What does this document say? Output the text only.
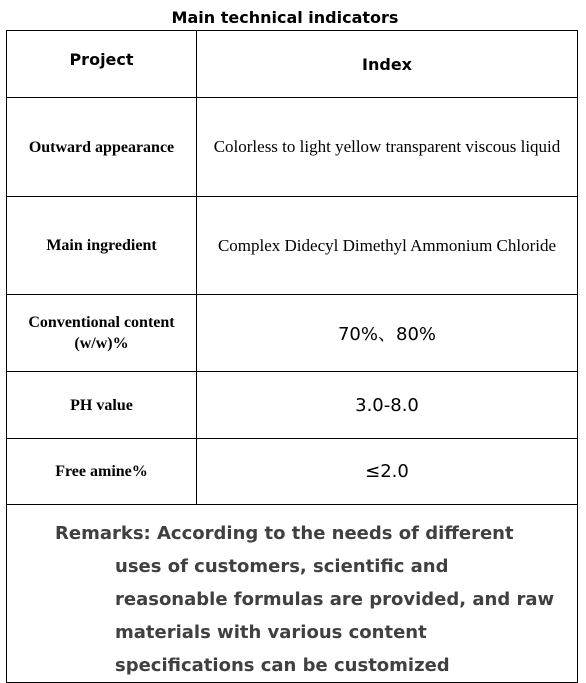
Main technical indicators
Project	Index
Outward appearance	Colorless to light yellow transparent viscous liquid
Main ingredient	Complex Didecyl Dimethyl Ammonium Chloride
Conventional content (w/w)%	70%、80%
PH value	3.0-8.0
Free amine%	≤2.0

Remarks: According to the needs of different uses of customers, scientific and reasonable formulas are provided, and raw materials with various content specifications can be customized	
